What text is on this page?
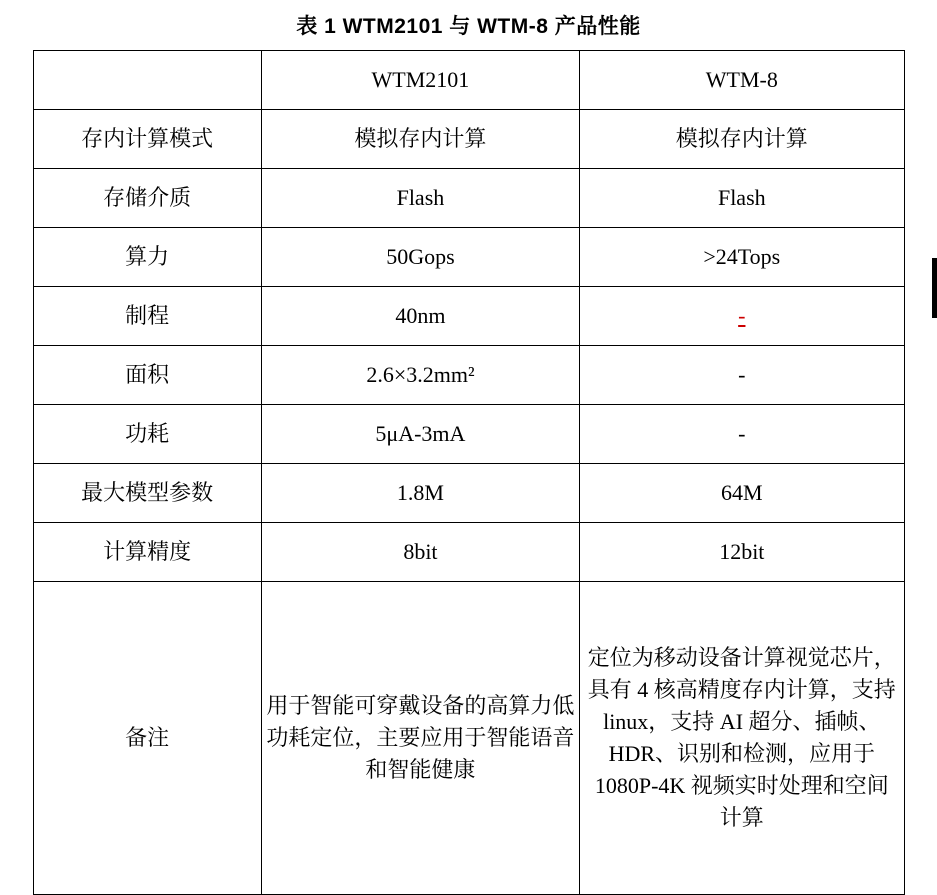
表 1 WTM2101 与 WTM-8 产品性能
	WTM2101	WTM-8
存内计算模式	模拟存内计算	模拟存内计算
存储介质	Flash	Flash
算力	50Gops	>24Tops
制程	40nm	-
面积	2.6×3.2mm²	-
功耗	5μA-3mA	-
最大模型参数	1.8M	64M
计算精度	8bit	12bit
备注	用于智能可穿戴设备的高算力低功耗定位，主要应用于智能语音和智能健康	定位为移动设备计算视觉芯片，具有 4 核高精度存内计算，支持 linux，支持 AI 超分、插帧、HDR、识别和检测，应用于 1080P-4K 视频实时处理和空间计算
